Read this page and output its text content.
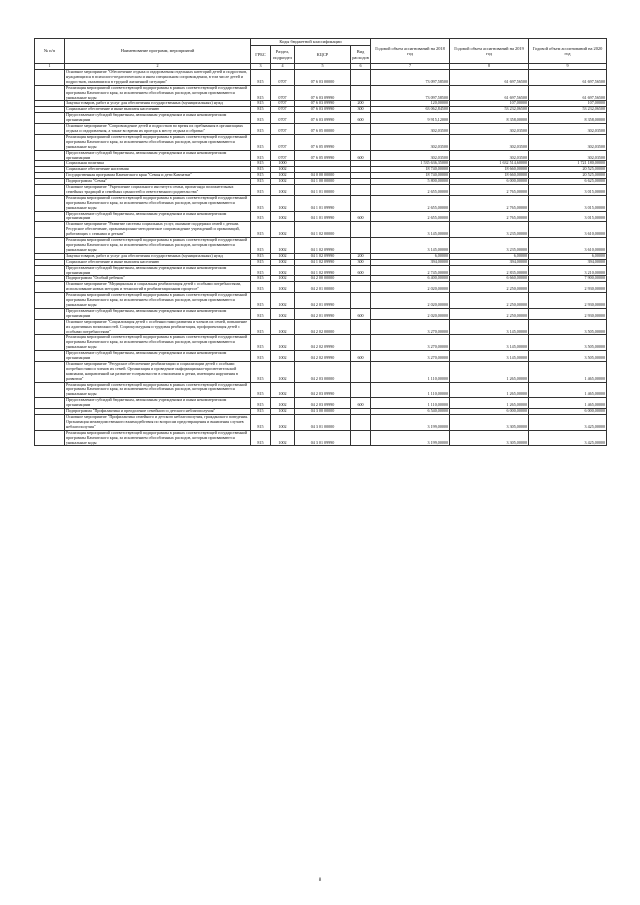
№ п/п	Наименование программ, мероприятий	Коды бюджетной классификации				Годовой объем ассигнований на 2018 год	Годовой объем ассигнований на 2019 год	Годовой объем ассигнований на 2020 год
		ГРБС	Раздел, подраздел	КЦСР	Вид расходов			
1	2	3	4	5	6	7	8	9
	Основное мероприятие "Обеспечение отдыха и оздоровления отдельных категорий детей и подростков, нуждающихся в психолого-педагогическом и ином специальном сопровождении, в том числе детей и подростков, оказавшихся в трудной жизненной ситуации"	815	0707	07 6 03 00000		73 097,58500	61 697,56500	61 697,56500
	Реализация мероприятий соответствующей подпрограммы в рамках соответствующей государственной программы Камчатского края, за исключением обособленных расходов, которым присваиваются уникальные коды	815	0707	07 6 03 09990		73 097,58500	61 697,56500	61 697,56500
	Закупка товаров, работ и услуг для обеспечения государственных (муниципальных) нужд	815	0707	07 6 03 09990	200	120,00000	107,00000	107,00000
	Социальное обеспечение и иные выплаты населению	815	0707	07 6 03 09990	300	63 062,84500	53 232,06500	53 232,06500
	Предоставление субсидий бюджетным, автономным учреждениям и иным некоммерческим организациям	815	0707	07 6 03 09990	600	9 915,12000	8 358,00000	8 358,00000
	Основное мероприятие "Сопровождение детей и подростков во время их пребывания в организациях отдыха и оздоровления, а также во время их проезда к месту отдыха и обратно"	815	0707	07 6 05 00000		302,03500	302,03500	302,03500
	Реализация мероприятий соответствующей подпрограммы в рамках соответствующей государственной программы Камчатского края, за исключением обособленных расходов, которым присваиваются уникальные коды	815	0707	07 6 05 09990		302,03500	302,03500	302,03500
	Предоставление субсидий бюджетным, автономным учреждениям и иным некоммерческим организациям	815	0707	07 6 05 09990	600	302,03500	302,03500	302,03500
	Социальная политика	815	1000			1 535 636,35000	1 632 514,60000	1 721 180,00000
	Социальное обеспечение населения	815	1002			18 740,00000	18 660,00000	20 525,00000
	Государственная программа Камчатского края "Семья и дети Камчатки"	815	1002	04 0 00 00000		18 740,00000	18 660,00000	20 525,00000
	Подпрограмма "Семья"	815	1002	04 1 00 00000		5 800,00000	6 000,00000	6 625,00000
	Основное мероприятие "Укрепление социального института семьи, пропаганда положительных семейных традиций и семейных ценностей и ответственного родительства"	815	1002	04 1 01 00000		2 655,00000	2 765,00000	3 015,00000
	Реализация мероприятий соответствующей подпрограммы в рамках соответствующей государственной программы Камчатского края, за исключением обособленных расходов, которым присваиваются уникальные коды	815	1002	04 1 01 09990		2 655,00000	2 765,00000	3 015,00000
	Предоставление субсидий бюджетным, автономным учреждениям и иным некоммерческим организациям	815	1002	04 1 01 09990	600	2 655,00000	2 765,00000	3 015,00000
	Основное мероприятие "Развитие системы социальных услуг, оказание поддержки семей с детьми. Ресурсное обеспечение, организационно-методическое сопровождение учреждений и организаций, работающих с семьями и детьми"	815	1002	04 1 02 00000		3 145,00000	3 235,00000	3 610,00000
	Реализация мероприятий соответствующей подпрограммы в рамках соответствующей государственной программы Камчатского края, за исключением обособленных расходов, которым присваиваются уникальные коды	815	1002	04 1 02 09990		3 145,00000	3 235,00000	3 610,00000
	Закупка товаров, работ и услуг для обеспечения государственных (муниципальных) нужд	815	1002	04 1 02 09990	200	6,00000	6,00000	6,00000
	Социальное обеспечение и иные выплаты населению	815	1002	04 1 02 09990	300	394,00000	394,00000	394,00000
	Предоставление субсидий бюджетным, автономным учреждениям и иным некоммерческим организациям	815	1002	04 1 02 09990	600	2 745,00000	2 835,00000	3 210,00000
	Подпрограмма "Особый ребенок"	815	1002	04 2 00 00000		6 400,00000	6 660,00000	7 900,00000
	Основное мероприятие "Медицинская и социальная реабилитация детей с особыми потребностями, использование новых методик и технологий в реабилитационном процессе"	815	1002	04 2 01 00000		2 020,00000	2 250,00000	2 930,00000
	Реализация мероприятий соответствующей подпрограммы в рамках соответствующей государственной программы Камчатского края, за исключением обособленных расходов, которым присваиваются уникальные коды	815	1002	04 2 01 09990		2 020,00000	2 250,00000	2 930,00000
	Предоставление субсидий бюджетным, автономным учреждениям и иным некоммерческим организациям	815	1002	04 2 01 09990	600	2 020,00000	2 250,00000	2 930,00000
	Основное мероприятие "Социализация детей с особенностями развития и членов их семей, повышение их адаптивных возможностей. Социокультурная и трудовая реабилитация, профориентация детей с особыми потребностями"	815	1002	04 2 02 00000		3 270,00000	3 145,00000	3 505,00000
	Реализация мероприятий соответствующей подпрограммы в рамках соответствующей государственной программы Камчатского края, за исключением обособленных расходов, которым присваиваются уникальные коды	815	1002	04 2 02 09990		3 270,00000	3 145,00000	3 505,00000
	Предоставление субсидий бюджетным, автономным учреждениям и иным некоммерческим организациям	815	1002	04 2 02 09990	600	3 270,00000	3 145,00000	3 505,00000
	Основное мероприятие "Ресурсное обеспечение реабилитации и социализации детей с особыми потребностями и членов их семей. Организация и проведение информационно-просветительской кампании, направленной на развитие толерантности в отношении к детям, имеющим нарушения в развитии"	815	1002	04 2 03 00000		1 110,00000	1 265,00000	1 465,00000
	Реализация мероприятий соответствующей подпрограммы в рамках соответствующей государственной программы Камчатского края, за исключением обособленных расходов, которым присваиваются уникальные коды	815	1002	04 2 03 09990		1 110,00000	1 265,00000	1 465,00000
	Предоставление субсидий бюджетным, автономным учреждениям и иным некоммерческим организациям	815	1002	04 2 03 09990	600	1 110,00000	1 265,00000	1 465,00000
	Подпрограмма "Профилактика и преодоление семейного и детского неблагополучия"	815	1002	04 3 00 00000		6 540,00000	6 000,00000	6 000,00000
	Основное мероприятие "Профилактика семейного и детского неблагополучия, гражданского поведения. Организация межведомственного взаимодействия по вопросам предотвращения и выявления случаев неблагополучия"	815	1002	04 3 01 00000		3 199,00000	3 305,00000	3 425,00000
	Реализация мероприятий соответствующей подпрограммы в рамках соответствующей государственной программы Камчатского края, за исключением обособленных расходов, которым присваиваются уникальные коды	815	1002	04 3 01 09990		3 199,00000	3 305,00000	3 425,00000
8
